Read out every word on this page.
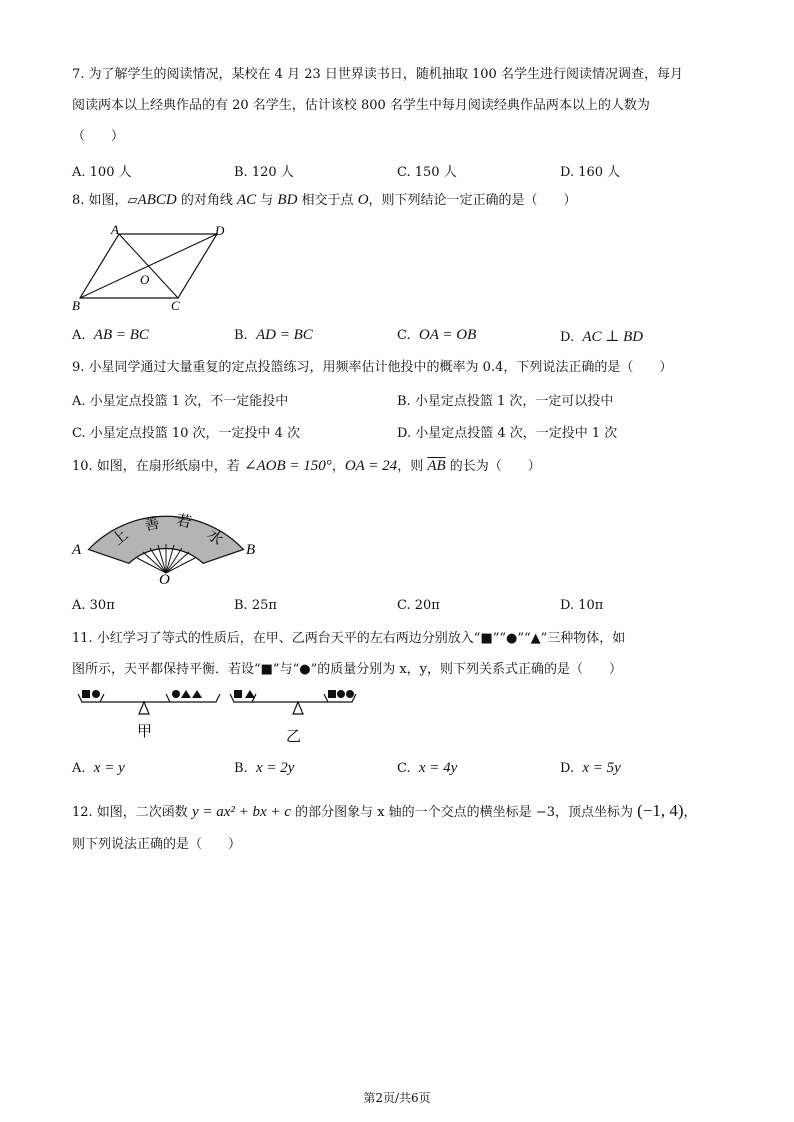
7. 为了解学生的阅读情况，某校在 4 月 23 日世界读书日，随机抽取 100 名学生进行阅读情况调查，每月
阅读两本以上经典作品的有 20 名学生，估计该校 800 名学生中每月阅读经典作品两本以上的人数为
（　　）
A. 100 人	B. 120 人	C. 150 人	D. 160 人
8. 如图，▱ABCD 的对角线 AC 与 BD 相交于点 O，则下列结论一定正确的是（　　）
A	D
O
B	C
A. AB = BC	B. AD = BC	C. OA = OB	D. AC ⊥ BD
9. 小星同学通过大量重复的定点投篮练习，用频率估计他投中的概率为 0.4，下列说法正确的是（　　）
A. 小星定点投篮 1 次，不一定能投中	B. 小星定点投篮 1 次，一定可以投中
C. 小星定点投篮 10 次，一定投中 4 次	D. 小星定点投篮 4 次，一定投中 1 次
10. 如图，在扇形纸扇中，若 ∠AOB = 150°，OA = 24，则 $\overline{AB}$ 的长为（　　）
上
善 若
水
A	B
O
A. 30π	B. 25π	C. 20π	D. 10π
11. 小红学习了等式的性质后，在甲、乙两台天平的左右两边分别放入“■”“●”“▲”三种物体，如
图所示，天平都保持平衡．若设“■”与“●”的质量分别为 x，y，则下列关系式正确的是（　　）
甲	乙
A. x = y	B. x = 2y	C. x = 4y	D. x = 5y
12. 如图，二次函数 y = ax² + bx + c 的部分图象与 x 轴的一个交点的横坐标是 −3，顶点坐标为 (−1, 4)，
则下列说法正确的是（　　）
第2页/共6页
